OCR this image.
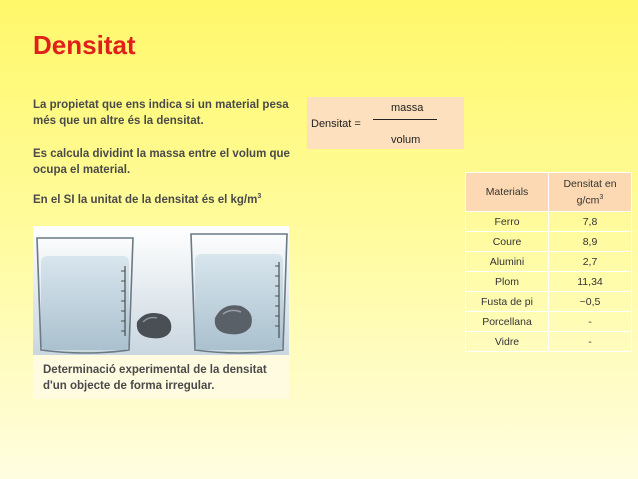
Densitat
La propietat que ens indica si un material pesa més que un altre és la densitat.
Es calcula dividint la massa entre el volum que ocupa el material.
En el SI la unitat de la densitat és el $kg/m^3$
Densitat =
massa
volum
Determinació experimental de la densitat d'un objecte de forma irregular.
Materials	Densitat en $g/cm^3$
Ferro	7,8
Coure	8,9
Alumini	2,7
Plom	11,34
Fusta de pi	~0,5
Porcellana	-
Vidre	-
